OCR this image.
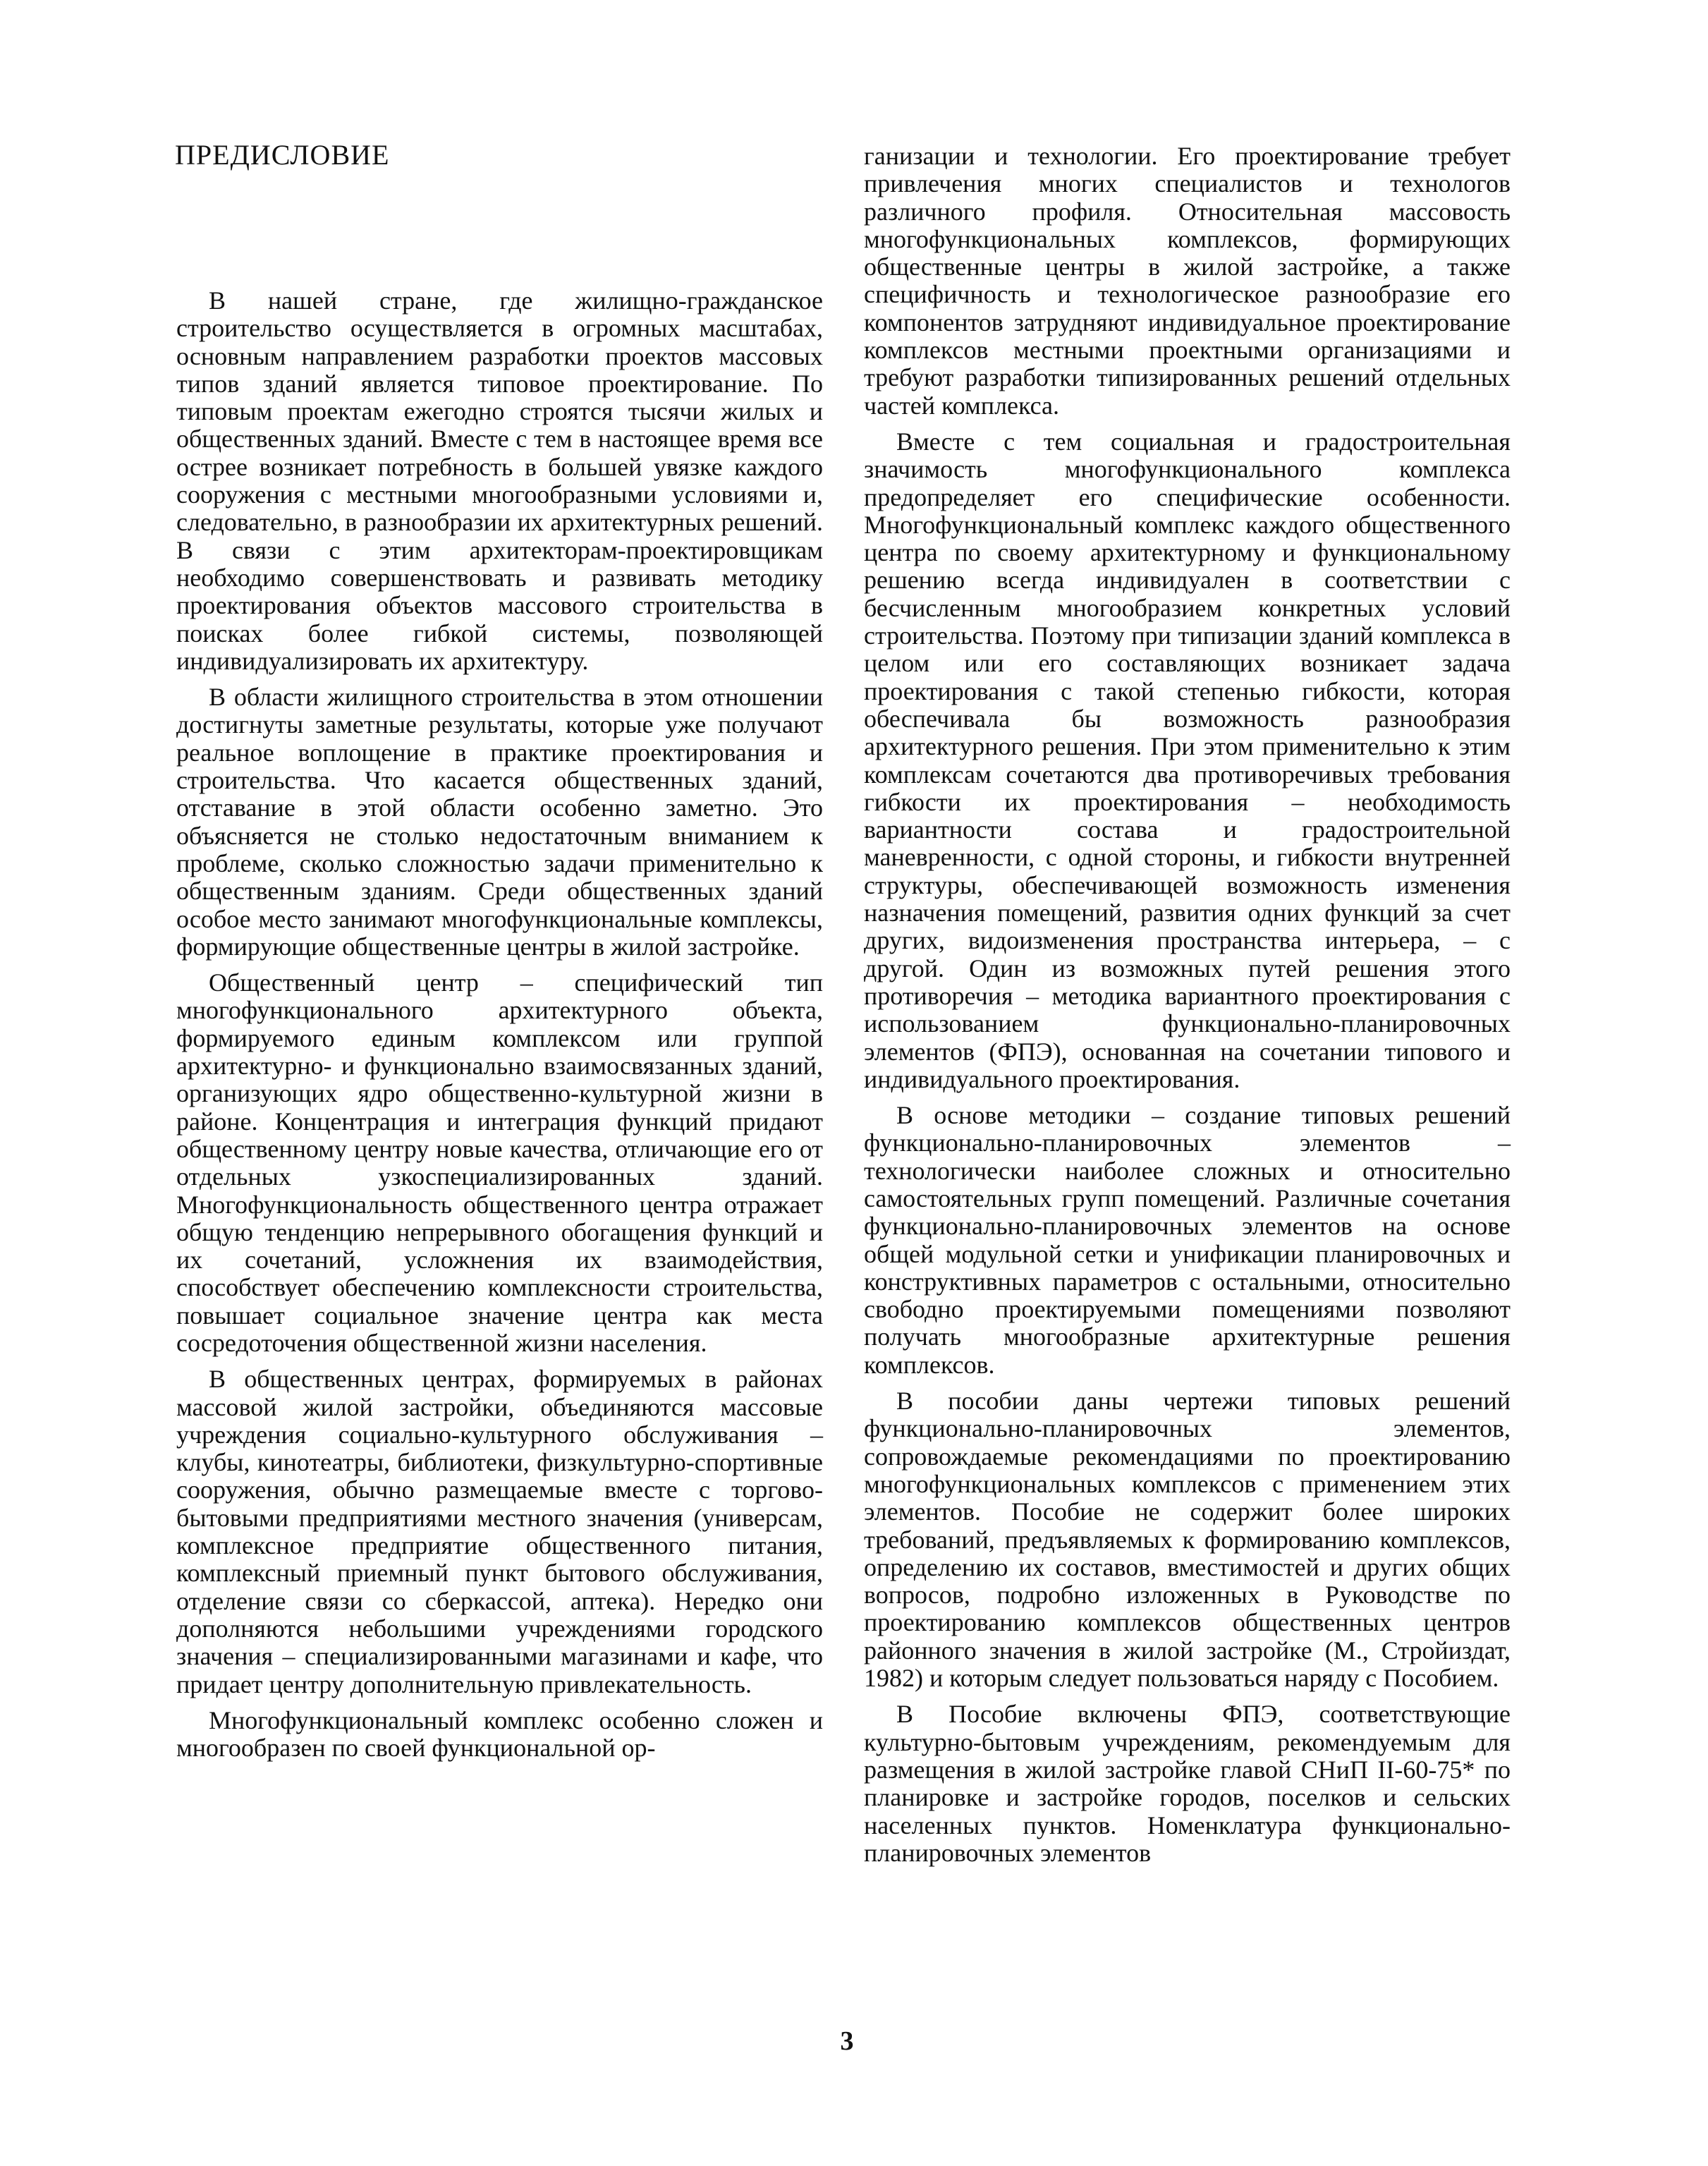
ПРЕДИСЛОВИЕ

В нашей стране, где жилищно-гражданское строительство осуществляется в огромных масштабах, основным направлением разработки проектов массовых типов зданий является типовое проектирование. По типовым проектам ежегодно строятся тысячи жилых и общественных зданий. Вместе с тем в настоящее время все острее возникает потребность в большей увязке каждого сооружения с местными многообразными условиями и, следовательно, в разнообразии их архитектурных решений. В связи с этим архитекторам-проектировщикам необходимо совершенствовать и развивать методику проектирования объектов массового строительства в поисках более гибкой системы, позволяющей индивидуализировать их архитектуру.

В области жилищного строительства в этом отношении достигнуты заметные результаты, которые уже получают реальное воплощение в практике проектирования и строительства. Что касается общественных зданий, отставание в этой области особенно заметно. Это объясняется не столько недостаточным вниманием к проблеме, сколько сложностью задачи применительно к общественным зданиям. Среди общественных зданий особое место занимают многофункциональные комплексы, формирующие общественные центры в жилой застройке.

Общественный центр – специфический тип многофункционального архитектурного объекта, формируемого единым комплексом или группой архитектурно- и функционально взаимосвязанных зданий, организующих ядро общественно-культурной жизни в районе. Концентрация и интеграция функций придают общественному центру новые качества, отличающие его от отдельных узкоспециализированных зданий. Многофункциональность общественного центра отражает общую тенденцию непрерывного обогащения функций и их сочетаний, усложнения их взаимодействия, способствует обеспечению комплексности строительства, повышает социальное значение центра как места сосредоточения общественной жизни населения.

В общественных центрах, формируемых в районах массовой жилой застройки, объединяются массовые учреждения социально-культурного обслуживания – клубы, кинотеатры, библиотеки, физкультурно-спортивные сооружения, обычно размещаемые вместе с торгово-бытовыми предприятиями местного значения (универсам, комплексное предприятие общественного питания, комплексный приемный пункт бытового обслуживания, отделение связи со сберкассой, аптека). Нередко они дополняются небольшими учреждениями городского значения – специализированными магазинами и кафе, что придает центру дополнительную привлекательность.

Многофункциональный комплекс особенно сложен и многообразен по своей функциональной ор-

ганизации и технологии. Его проектирование требует привлечения многих специалистов и технологов различного профиля. Относительная массовость многофункциональных комплексов, формирующих общественные центры в жилой застройке, а также специфичность и технологическое разнообразие его компонентов затрудняют индивидуальное проектирование комплексов местными проектными организациями и требуют разработки типизированных решений отдельных частей комплекса.

Вместе с тем социальная и градостроительная значимость многофункционального комплекса предопределяет его специфические особенности. Многофункциональный комплекс каждого общественного центра по своему архитектурному и функциональному решению всегда индивидуален в соответствии с бесчисленным многообразием конкретных условий строительства. Поэтому при типизации зданий комплекса в целом или его составляющих возникает задача проектирования с такой степенью гибкости, которая обеспечивала бы возможность разнообразия архитектурного решения. При этом применительно к этим комплексам сочетаются два противоречивых требования гибкости их проектирования – необходимость вариантности состава и градостроительной маневренности, с одной стороны, и гибкости внутренней структуры, обеспечивающей возможность изменения назначения помещений, развития одних функций за счет других, видоизменения пространства интерьера, – с другой. Один из возможных путей решения этого противоречия – методика вариантного проектирования с использованием функционально-планировочных элементов (ФПЭ), основанная на сочетании типового и индивидуального проектирования.

В основе методики – создание типовых решений функционально-планировочных элементов – технологически наиболее сложных и относительно самостоятельных групп помещений. Различные сочетания функционально-планировочных элементов на основе общей модульной сетки и унификации планировочных и конструктивных параметров с остальными, относительно свободно проектируемыми помещениями позволяют получать многообразные архитектурные решения комплексов.

В пособии даны чертежи типовых решений функционально-планировочных элементов, сопровождаемые рекомендациями по проектированию многофункциональных комплексов с применением этих элементов. Пособие не содержит более широких требований, предъявляемых к формированию комплексов, определению их составов, вместимостей и других общих вопросов, подробно изложенных в Руководстве по проектированию комплексов общественных центров районного значения в жилой застройке (М., Стройиздат, 1982) и которым следует пользоваться наряду с Пособием.

В Пособие включены ФПЭ, соответствующие культурно-бытовым учреждениям, рекомендуемым для размещения в жилой застройке главой СНиП II-60-75* по планировке и застройке городов, поселков и сельских населенных пунктов. Номенклатура функционально-планировочных элементов

3
